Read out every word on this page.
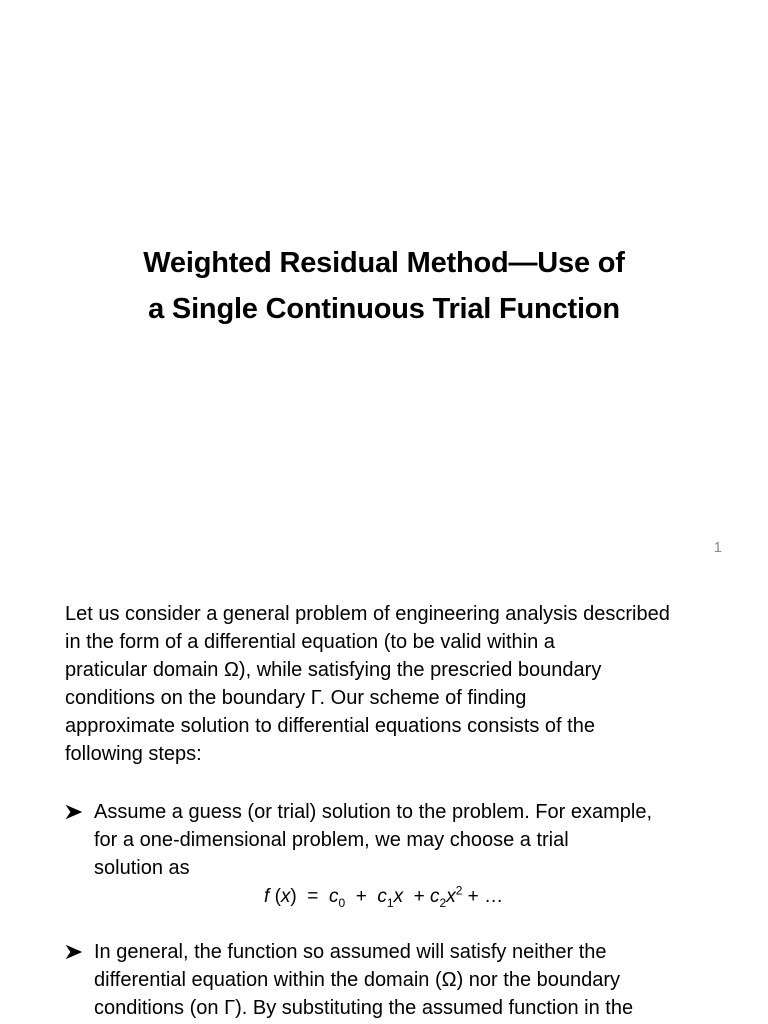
Weighted Residual Method—Use of
a Single Continuous Trial Function
1
Let us consider a general problem of engineering analysis described
in the form of a differential equation (to be valid within a
praticular domain Ω), while satisfying the prescried boundary
conditions on the boundary Γ. Our scheme of finding
approximate solution to differential equations consists of the
following steps:
Assume a guess (or trial) solution to the problem. For example,
for a one-dimensional problem, we may choose a trial
solution as
f $(x) = c_0 + c_1x + c_2x^2$ + …
In general, the function so assumed will satisfy neither the
differential equation within the domain (Ω) nor the boundary
conditions (on Γ). By substituting the assumed function in the
